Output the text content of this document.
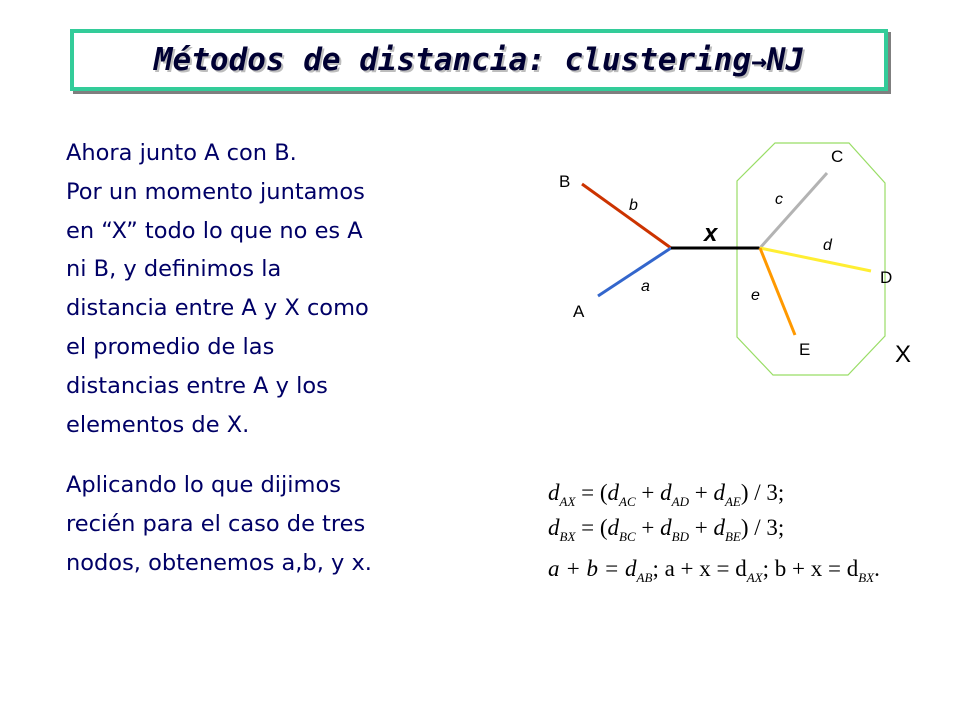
Métodos de distancia: clustering→NJ
Ahora junto A con B.
Por un momento juntamos
en “X” todo lo que no es A
ni B, y definimos la
distancia entre A y X como
el promedio de las
distancias entre A y los
elementos de X.
Aplicando lo que dijimos
recién para el caso de tres
nodos, obtenemos a,b, y x.
B
A
C
D
E
b
a
c
d
e
x
X
$d_{AX} = (d_{AC} + d_{AD} + d_{AE}) / 3$;
$d_{BX} = (d_{BC} + d_{BD} + d_{BE}) / 3$;
$a + b = d_{AB}$; $a + x = d_{AX}$; $b + x = d_{BX}$.
